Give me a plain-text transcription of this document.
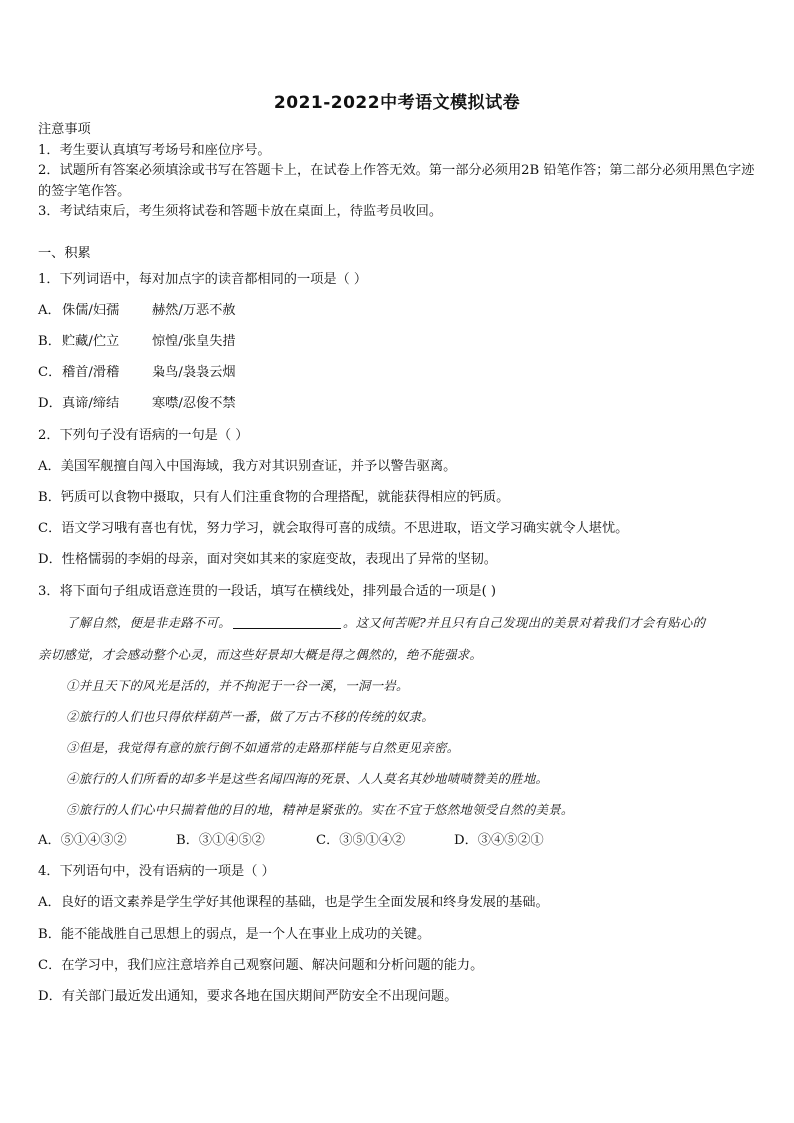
2021-2022中考语文模拟试卷
注意事项
1．考生要认真填写考场号和座位序号。
2．试题所有答案必须填涂或书写在答题卡上，在试卷上作答无效。第一部分必须用2B 铅笔作答；第二部分必须用黑色字迹的签字笔作答。
3．考试结束后，考生须将试卷和答题卡放在桌面上，待监考员收回。
一、积累
1．下列词语中，每对加点字的读音都相同的一项是（ ）
A．侏儒/妇孺 赫然/万恶不赦
B．贮藏/伫立 惊惶/张皇失措
C．稽首/滑稽 枭鸟/袅袅云烟
D．真谛/缔结 寒噤/忍俊不禁
2．下列句子没有语病的一句是（ ）
A．美国军舰擅自闯入中国海域，我方对其识别查证，并予以警告驱离。
B．钙质可以食物中摄取，只有人们注重食物的合理搭配，就能获得相应的钙质。
C．语文学习哦有喜也有忧，努力学习，就会取得可喜的成绩。不思进取，语文学习确实就令人堪忧。
D．性格懦弱的李娟的母亲，面对突如其来的家庭变故，表现出了异常的坚韧。
3．将下面句子组成语意连贯的一段话，填写在横线处，排列最合适的一项是( )
了解自然，便是非走路不可。	。这又何苦呢?并且只有自己发现出的美景对着我们才会有贴心的
亲切感觉，才会感动整个心灵，而这些好景却大概是得之偶然的，绝不能强求。
①并且天下的风光是活的，并不拘泥于一谷一溪，一洞一岩。
②旅行的人们也只得依样葫芦一番，做了万古不移的传统的奴隶。
③但是，我觉得有意的旅行倒不如通常的走路那样能与自然更见亲密。
④旅行的人们所看的却多半是这些名闻四海的死景、人人莫名其妙地啧啧赞美的胜地。
⑤旅行的人们心中只揣着他的目的地，精神是紧张的。实在不宜于悠然地领受自然的美景。
A．⑤①④③②	B．③①④⑤②	C．③⑤①④②	D．③④⑤②①
4．下列语句中，没有语病的一项是（ ）
A．良好的语文素养是学生学好其他课程的基础，也是学生全面发展和终身发展的基础。
B．能不能战胜自己思想上的弱点，是一个人在事业上成功的关键。
C．在学习中，我们应注意培养自己观察问题、解决问题和分析问题的能力。
D．有关部门最近发出通知，要求各地在国庆期间严防安全不出现问题。
